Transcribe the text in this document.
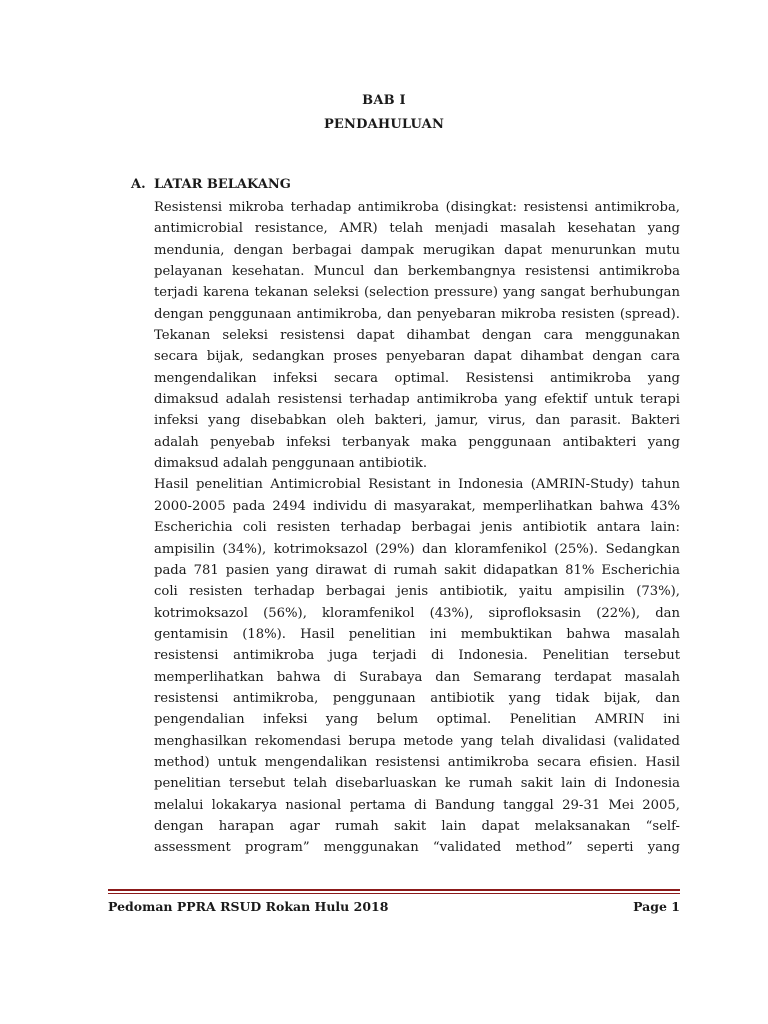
BAB I
PENDAHULUAN
A. LATAR BELAKANG
Resistensi mikroba terhadap antimikroba (disingkat: resistensi antimikroba,
antimicrobial resistance, AMR) telah menjadi masalah kesehatan yang
mendunia, dengan berbagai dampak merugikan dapat menurunkan mutu
pelayanan kesehatan. Muncul dan berkembangnya resistensi antimikroba
terjadi karena tekanan seleksi (selection pressure) yang sangat berhubungan
dengan penggunaan antimikroba, dan penyebaran mikroba resisten (spread).
Tekanan seleksi resistensi dapat dihambat dengan cara menggunakan
secara bijak, sedangkan proses penyebaran dapat dihambat dengan cara
mengendalikan infeksi secara optimal. Resistensi antimikroba yang
dimaksud adalah resistensi terhadap antimikroba yang efektif untuk terapi
infeksi yang disebabkan oleh bakteri, jamur, virus, dan parasit. Bakteri
adalah penyebab infeksi terbanyak maka penggunaan antibakteri yang
dimaksud adalah penggunaan antibiotik.
Hasil penelitian Antimicrobial Resistant in Indonesia (AMRIN-Study) tahun
2000-2005 pada 2494 individu di masyarakat, memperlihatkan bahwa 43%
Escherichia coli resisten terhadap berbagai jenis antibiotik antara lain:
ampisilin (34%), kotrimoksazol (29%) dan kloramfenikol (25%). Sedangkan
pada 781 pasien yang dirawat di rumah sakit didapatkan 81% Escherichia
coli resisten terhadap berbagai jenis antibiotik, yaitu ampisilin (73%),
kotrimoksazol (56%), kloramfenikol (43%), siprofloksasin (22%), dan
gentamisin (18%). Hasil penelitian ini membuktikan bahwa masalah
resistensi antimikroba juga terjadi di Indonesia. Penelitian tersebut
memperlihatkan bahwa di Surabaya dan Semarang terdapat masalah
resistensi antimikroba, penggunaan antibiotik yang tidak bijak, dan
pengendalian infeksi yang belum optimal. Penelitian AMRIN ini
menghasilkan rekomendasi berupa metode yang telah divalidasi (validated
method) untuk mengendalikan resistensi antimikroba secara efisien. Hasil
penelitian tersebut telah disebarluaskan ke rumah sakit lain di Indonesia
melalui lokakarya nasional pertama di Bandung tanggal 29-31 Mei 2005,
dengan harapan agar rumah sakit lain dapat melaksanakan “self-
assessment program” menggunakan “validated method” seperti yang
Pedoman PPRA RSUD Rokan Hulu 2018	Page 1
